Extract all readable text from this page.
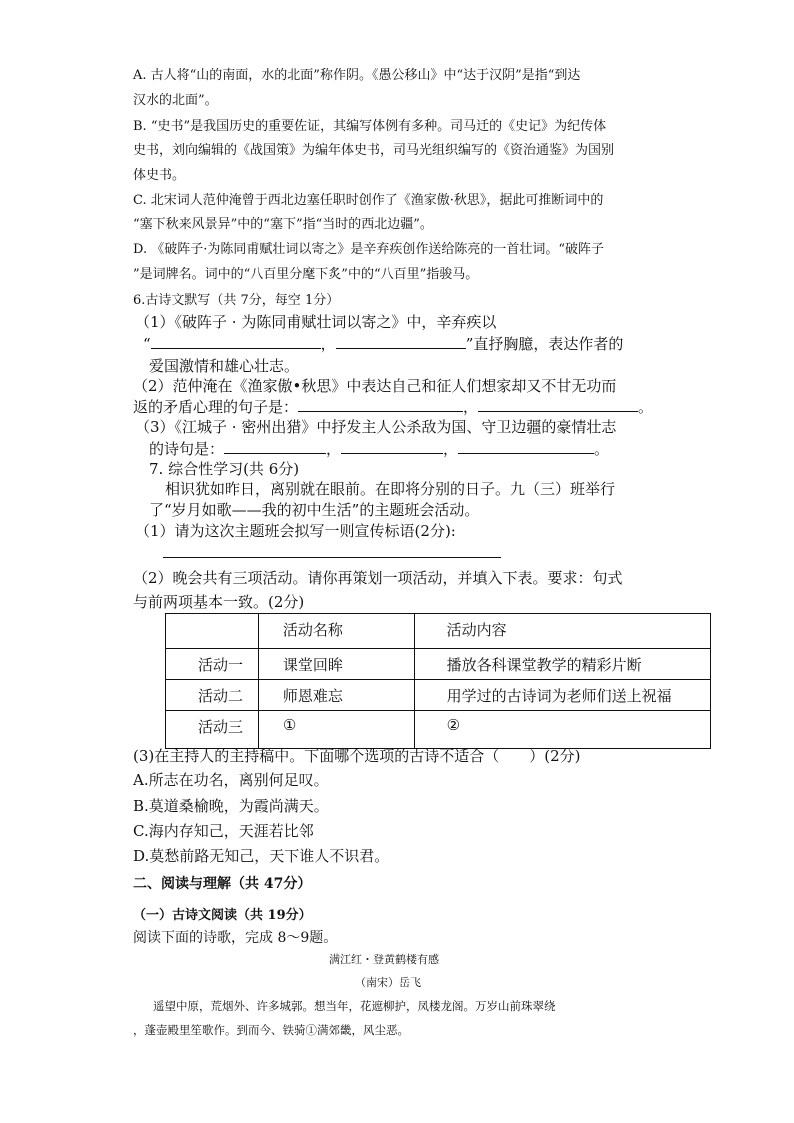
A. 古人将“山的南面，水的北面”称作阴。《愚公移山》中“达于汉阴”是指“到达
汉水的北面”。
B. “史书”是我国历史的重要佐证，其编写体例有多种。司马迁的《史记》为纪传体
史书，刘向编辑的《战国策》为编年体史书，司马光组织编写的《资治通鉴》为国别
体史书。
C. 北宋词人范仲淹曾于西北边塞任职时创作了《渔家傲·秋思》，据此可推断词中的
“塞下秋来风景异”中的“塞下”指“当时的西北边疆”。
D. 《破阵子·为陈同甫赋壮词以寄之》是辛弃疾创作送给陈亮的一首壮词。“破阵子
”是词牌名。词中的“八百里分麾下炙”中的“八百里”指骏马。
6.古诗文默写（共 7分，每空 1分）
（1）《破阵子 · 为陈同甫赋壮词以寄之》中，辛弃疾以
“	，	”直抒胸臆，表达作者的
爱国激情和雄心壮志。
（2）范仲淹在《渔家傲•秋思》中表达自己和征人们想家却又不甘无功而
返的矛盾心理的句子是：	，	。
（3）《江城子 · 密州出猎》中抒发主人公杀敌为国、守卫边疆的豪情壮志
的诗句是：	，	，	。
7. 综合性学习(共 6分)
相识犹如昨日，离别就在眼前。在即将分别的日子。九（三）班举行
了“岁月如歌——我的初中生活”的主题班会活动。
（1）请为这次主题班会拟写一则宣传标语(2分):
（2）晚会共有三项活动。请你再策划一项活动，并填入下表。要求：句式
与前两项基本一致。(2分)

	活动名称	活动内容

活动一	课堂回眸	播放各科课堂教学的精彩片断

活动二	师恩难忘	用学过的古诗词为老师们送上祝福

活动三	①	②
(3)在主持人的主持稿中。下面哪个选项的古诗不适合（　　）(2分)
A.所志在功名，离别何足叹。
B.莫道桑榆晚，为霞尚满天。
C.海内存知己，天涯若比邻
D.莫愁前路无知己，天下谁人不识君。
二、阅读与理解（共 47分）
（一）古诗文阅读（共 19分）
阅读下面的诗歌，完成 8～9题。
满江红・登黄鹤楼有感
（南宋）岳飞
遥望中原，荒烟外、许多城郭。想当年，花遮柳护，凤楼龙阁。万岁山前珠翠绕
，蓬壶殿里笙歌作。到而今、铁骑①满郊畿，风尘恶。
